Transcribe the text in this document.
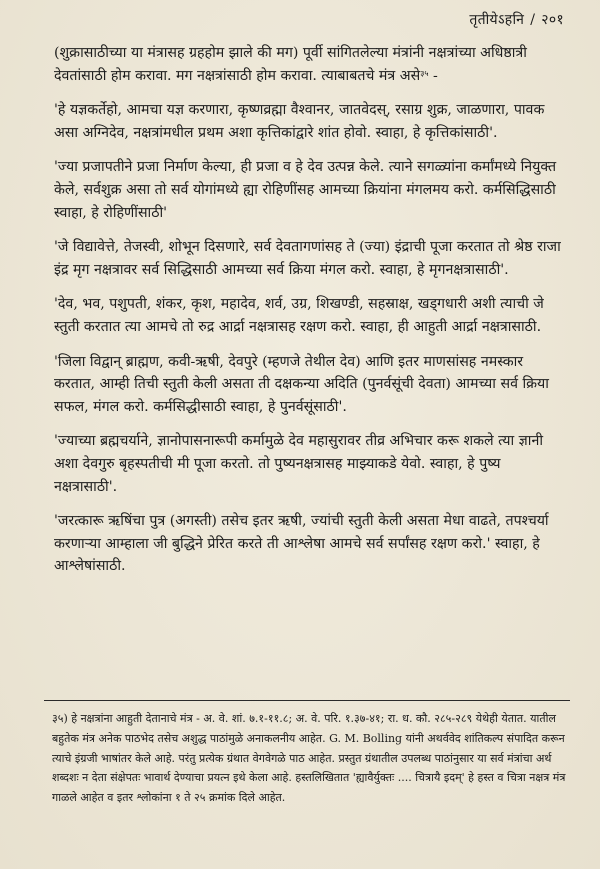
तृतीयेऽहनि / २०१

(शुक्रासाठीच्या या मंत्रासह ग्रहहोम झाले की मग) पूर्वी सांगितलेल्या मंत्रांनी नक्षत्रांच्या अधिष्ठात्री देवतांसाठी होम करावा. मग नक्षत्रांसाठी होम करावा. त्याबाबतचे मंत्र असे$^{३५}$ -

'हे यज्ञकर्तेहो, आमचा यज्ञ करणारा, कृष्णव्रह्मा वैश्वानर, जातवेदस्, रसाग्र शुक्र, जाळणारा, पावक असा अग्निदेव, नक्षत्रांमधील प्रथम अशा कृत्तिकांद्वारे शांत होवो. स्वाहा, हे कृत्तिकांसाठी'.

'ज्या प्रजापतीने प्रजा निर्माण केल्या, ही प्रजा व हे देव उत्पन्न केले. त्याने सगळ्यांना कर्मांमध्ये नियुक्त केले, सर्वशुक्र असा तो सर्व योगांमध्ये ह्या रोहिणींसह आमच्या क्रियांना मंगलमय करो. कर्मसिद्धिसाठी स्वाहा, हे रोहिणींसाठी'

'जे विद्यावेत्ते, तेजस्वी, शोभून दिसणारे, सर्व देवतागणांसह ते (ज्या) इंद्राची पूजा करतात तो श्रेष्ठ राजा इंद्र मृग नक्षत्रावर सर्व सिद्धिसाठी आमच्या सर्व क्रिया मंगल करो. स्वाहा, हे मृगनक्षत्रासाठी'.

'देव, भव, पशुपती, शंकर, कृश, महादेव, शर्व, उग्र, शिखण्डी, सहस्राक्ष, खड्गधारी अशी त्याची जे स्तुती करतात त्या आमचे तो रुद्र आर्द्रा नक्षत्रासह रक्षण करो. स्वाहा, ही आहुती आर्द्रा नक्षत्रासाठी.

'जिला विद्वान् ब्राह्मण, कवी-ऋषी, देवपुरे (म्हणजे तेथील देव) आणि इतर माणसांसह नमस्कार करतात, आम्ही तिची स्तुती केली असता ती दक्षकन्या अदिति (पुनर्वसूंची देवता) आमच्या सर्व क्रिया सफल, मंगल करो. कर्मसिद्धीसाठी स्वाहा, हे पुनर्वसूंसाठी'.

'ज्याच्या ब्रह्मचर्याने, ज्ञानोपासनारूपी कर्मामुळे देव महासुरावर तीव्र अभिचार करू शकले त्या ज्ञानी अशा देवगुरु बृहस्पतीची मी पूजा करतो. तो पुष्यनक्षत्रासह माझ्याकडे येवो. स्वाहा, हे पुष्य नक्षत्रासाठी'.

'जरत्कारू ऋषिंचा पुत्र (अगस्ती) तसेच इतर ऋषी, ज्यांची स्तुती केली असता मेधा वाढते, तपश्चर्या करणाऱ्या आम्हाला जी बुद्धिने प्रेरित करते ती आश्लेषा आमचे सर्व सर्पांसह रक्षण करो.' स्वाहा, हे आश्लेषांसाठी.

३५) हे नक्षत्रांना आहुती देतानाचे मंत्र - अ. वे. शां. ७.१-११.८; अ. वे. परि. १.३७-४१; रा. ध. कौ. २८५-२८९ येथेही येतात. यातील बहुतेक मंत्र अनेक पाठभेद तसेच अशुद्ध पाठांमुळे अनाकलनीय आहेत. G. M. Bolling यांनी अथर्ववेद शांतिकल्प संपादित करून त्याचे इंग्रजी भाषांतर केले आहे. परंतु प्रत्येक ग्रंथात वेगवेगळे पाठ आहेत. प्रस्तुत ग्रंथातील उपलब्ध पाठांनुसार या सर्व मंत्रांचा अर्थ शब्दशः न देता संक्षेपतः भावार्थ देण्याचा प्रयत्न इथे केला आहे. हस्तलिखितात 'ह्यावैर्युक्तः .... चित्रायै इदम्' हे हस्त व चित्रा नक्षत्र मंत्र गाळले आहेत व इतर श्लोकांना १ ते २५ क्रमांक दिले आहेत.
